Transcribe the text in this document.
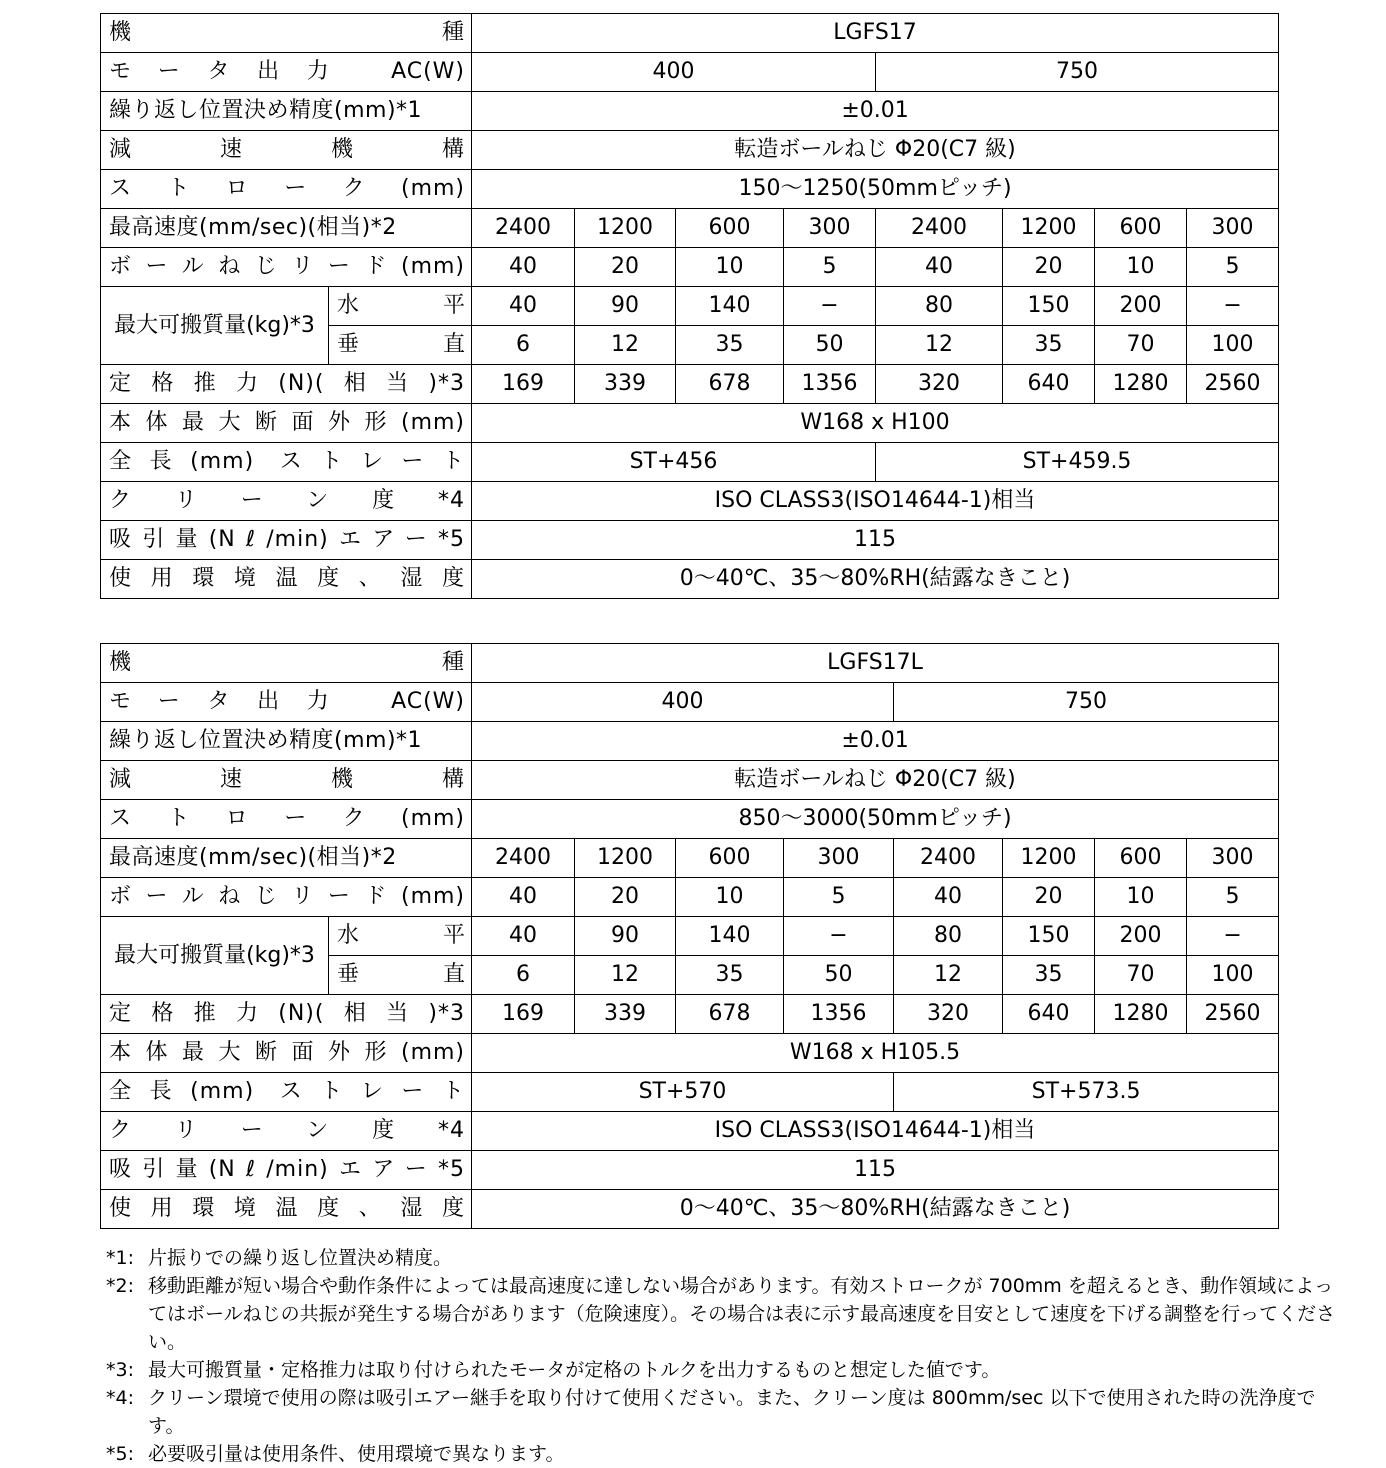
機　種		LGFS17							
モータ出力 AC(W)		400				750			
繰り返し位置決め精度(mm)*1		±0.01							
減　速　機　構		転造ボールねじ Φ20(C7 級)							
ストローク(mm)		150〜1250(50mmピッチ)							
最高速度(mm/sec)(相当)*2		2400	1200	600	300	2400	1200	600	300
ボールねじリード(mm)		40	20	10	5	40	20	10	5
最大可搬質量(kg)*3	水平	40	90	140	−	80	150	200	−
	垂直	6	12	35	50	12	35	70	100
定格推力(N)(相当)*3		169	339	678	1356	320	640	1280	2560
本体最大断面外形(mm)		W168 x H100							
全長(mm) ストレート		ST+456				ST+459.5			
クリーン度*4		ISO CLASS3(ISO14644-1)相当							
吸引量(Nℓ/min)エアー*5		115							
使用環境温度、湿度		0〜40℃、35〜80%RH(結露なきこと)							
機　種		LGFS17L							
モータ出力 AC(W)		400				750			
繰り返し位置決め精度(mm)*1		±0.01							
減　速　機　構		転造ボールねじ Φ20(C7 級)							
ストローク(mm)		850〜3000(50mmピッチ)							
最高速度(mm/sec)(相当)*2		2400	1200	600	300	2400	1200	600	300
ボールねじリード(mm)		40	20	10	5	40	20	10	5
最大可搬質量(kg)*3	水平	40	90	140	−	80	150	200	−
	垂直	6	12	35	50	12	35	70	100
定格推力(N)(相当)*3		169	339	678	1356	320	640	1280	2560
本体最大断面外形(mm)		W168 x H105.5							
全長(mm) ストレート		ST+570				ST+573.5			
クリーン度*4		ISO CLASS3(ISO14644-1)相当							
吸引量(Nℓ/min)エアー*5		115							
使用環境温度、湿度		0〜40℃、35〜80%RH(結露なきこと)							
*1: 片振りでの繰り返し位置決め精度。
*2: 移動距離が短い場合や動作条件によっては最高速度に達しない場合があります。有効ストロークが 700mm を超えるとき、動作領域によってはボールねじの共振が発生する場合があります（危険速度）。その場合は表に示す最高速度を目安として速度を下げる調整を行ってください。
*3: 最大可搬質量・定格推力は取り付けられたモータが定格のトルクを出力するものと想定した値です。
*4: クリーン環境で使用の際は吸引エアー継手を取り付けて使用ください。また、クリーン度は 800mm/sec 以下で使用された時の洗浄度です。
*5: 必要吸引量は使用条件、使用環境で異なります。
